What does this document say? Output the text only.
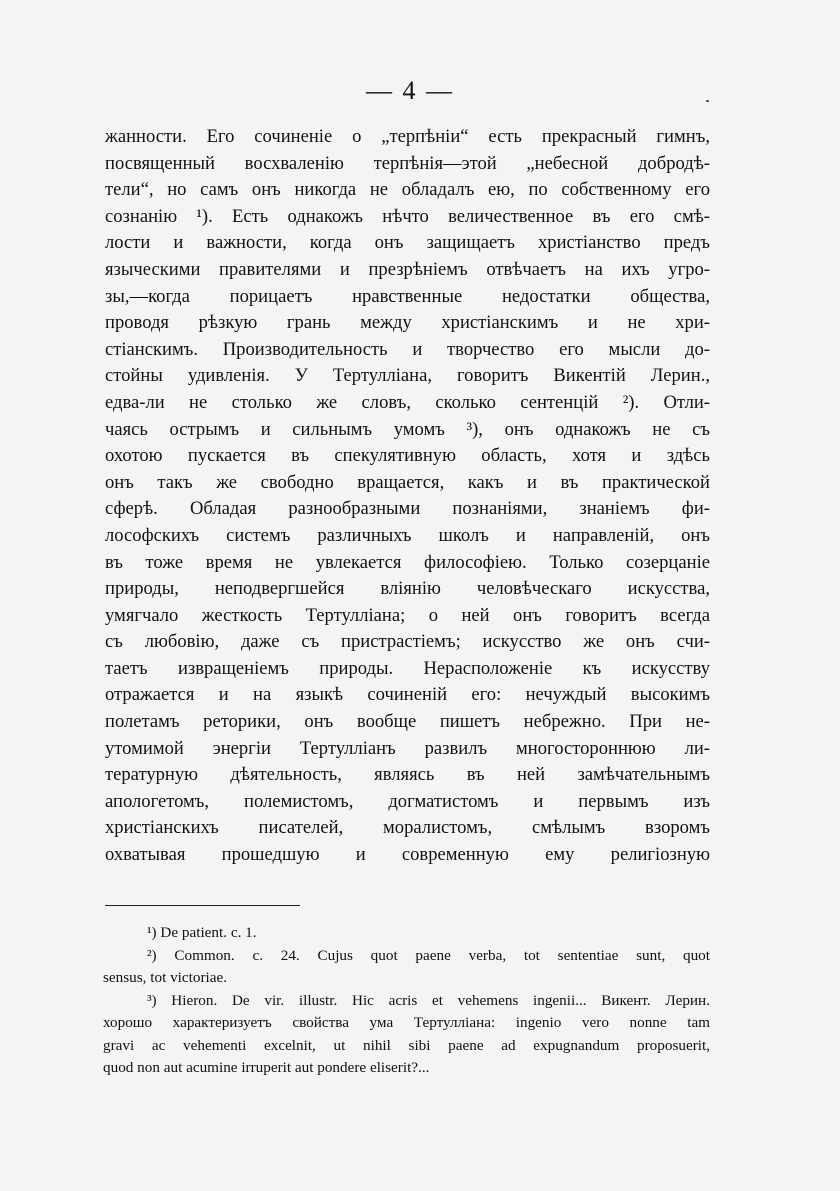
— 4 —
жанности. Его сочиненіе о „терпѣніи“ есть прекрасный гимнъ,
посвященный восхваленію терпѣнія—этой „небесной добродѣ-
тели“, но самъ онъ никогда не обладалъ ею, по собственному его
сознанію ¹). Есть однакожъ нѣчто величественное въ его смѣ-
лости и важности, когда онъ защищаетъ христіанство предъ
языческими правителями и презрѣніемъ отвѣчаетъ на ихъ угро-
зы,—когда порицаетъ нравственные недостатки общества,
проводя рѣзкую грань между христіанскимъ и не хри-
стіанскимъ. Производительность и творчество его мысли до-
стойны удивленія. У Тертулліана, говоритъ Викентій Лерин.,
едва-ли не столько же словъ, сколько сентенцій ²). Отли-
чаясь острымъ и сильнымъ умомъ ³), онъ однакожъ не съ
охотою пускается въ спекулятивную область, хотя и здѣсь
онъ такъ же свободно вращается, какъ и въ практической
сферѣ. Обладая разнообразными познаніями, знаніемъ фи-
лософскихъ системъ различныхъ школъ и направленій, онъ
въ тоже время не увлекается философіею. Только созерцаніе
природы, неподвергшейся вліянію человѣческаго искусства,
умягчало жесткость Тертулліана; о ней онъ говоритъ всегда
съ любовію, даже съ пристрастіемъ; искусство же онъ счи-
таетъ извращеніемъ природы. Нерасположеніе къ искусству
отражается и на языкѣ сочиненій его: нечуждый высокимъ
полетамъ реторики, онъ вообще пишетъ небрежно. При не-
утомимой энергіи Тертулліанъ развилъ многостороннюю ли-
тературную дѣятельность, являясь въ ней замѣчательнымъ
апологетомъ, полемистомъ, догматистомъ и первымъ изъ
христіанскихъ писателей, моралистомъ, смѣлымъ взоромъ
охватывая прошедшую и современную ему религіозную
¹) De patient. c. 1.
²) Common. c. 24. Cujus quot paene verba, tot sententiae sunt, quot
sensus, tot victoriae.
³) Hieron. De vir. illustr. Hic acris et vehemens ingenii... Викент. Лерин.
хорошо характеризуетъ свойства ума Тертулліана: ingenio vero nonne tam
gravi ac vehementi excelnit, ut nihil sibi paene ad expugnandum proposuerit,
quod non aut acumine irruperit aut pondere eliserit?...
